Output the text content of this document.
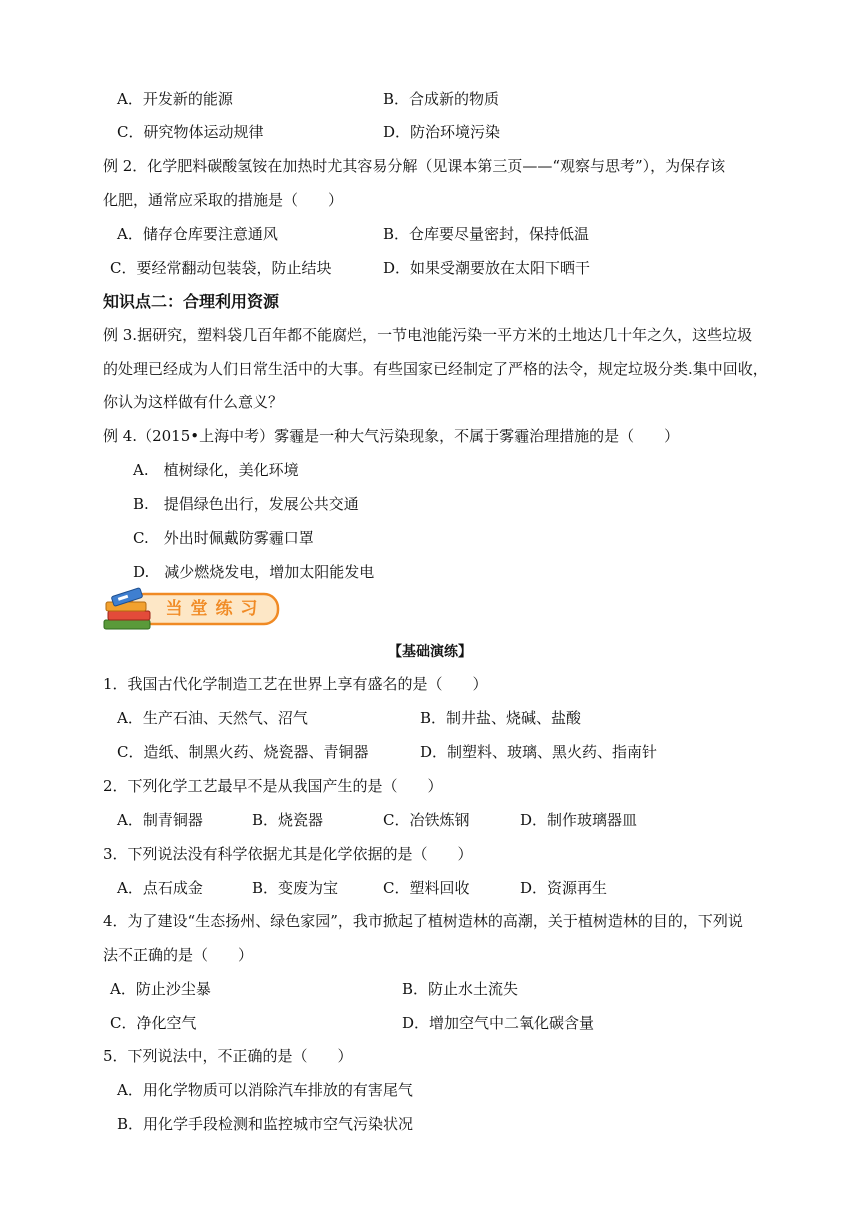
A．开发新的能源	B．合成新的物质
C．研究物体运动规律	D．防治环境污染
例 2．化学肥料碳酸氢铵在加热时尤其容易分解（见课本第三页——“观察与思考”），为保存该
化肥，通常应采取的措施是（　　）
A．储存仓库要注意通风	B．仓库要尽量密封，保持低温
C．要经常翻动包装袋，防止结块	D．如果受潮要放在太阳下晒干
知识点二：合理利用资源
例 3.据研究，塑料袋几百年都不能腐烂，一节电池能污染一平方米的土地达几十年之久，这些垃圾
的处理已经成为人们日常生活中的大事。有些国家已经制定了严格的法令，规定垃圾分类.集中回收，
你认为这样做有什么意义？
例 4.（2015•上海中考）雾霾是一种大气污染现象，不属于雾霾治理措施的是（　　）
A.　植树绿化，美化环境
B.　提倡绿色出行，发展公共交通
C.　外出时佩戴防雾霾口罩
D.　减少燃烧发电，增加太阳能发电
当 堂 练 习
【基础演练】
1．我国古代化学制造工艺在世界上享有盛名的是（　　）
A．生产石油、天然气、沼气	B．制井盐、烧碱、盐酸
C．造纸、制黑火药、烧瓷器、青铜器	D．制塑料、玻璃、黑火药、指南针
2．下列化学工艺最早不是从我国产生的是（　　）
A．制青铜器	B．烧瓷器	C．冶铁炼钢	D．制作玻璃器皿
3．下列说法没有科学依据尤其是化学依据的是（　　）
A．点石成金	B．变废为宝	C．塑料回收	D．资源再生
4．为了建设“生态扬州、绿色家园”，我市掀起了植树造林的高潮，关于植树造林的目的，下列说
法不正确的是（　　）
A．防止沙尘暴	B．防止水土流失
C．净化空气	D．增加空气中二氧化碳含量
5．下列说法中，不正确的是（　　）
A．用化学物质可以消除汽车排放的有害尾气
B．用化学手段检测和监控城市空气污染状况
